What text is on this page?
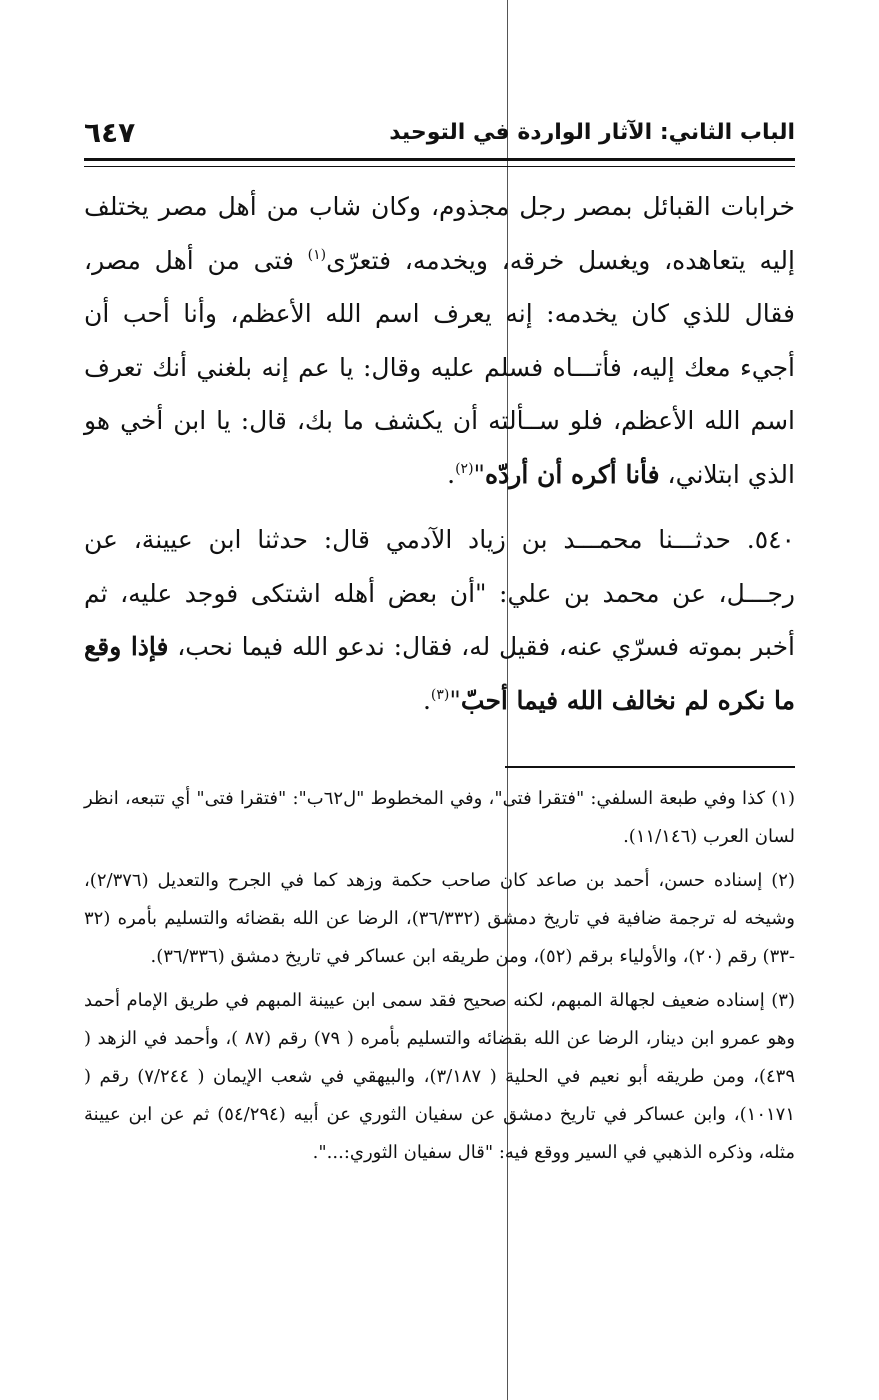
الباب الثاني: الآثار الواردة في التوحيد
٦٤٧

خرابات القبائل بمصر رجل مجذوم، وكان شاب من أهل مصر يختلف إليه يتعاهده، ويغسل خرقه، ويخدمه، فتعرّى$^{(١)}$ فتى من أهل مصر، فقال للذي كان يخدمه: إنه يعرف اسم الله الأعظم، وأنا أحب أن أجيء معك إليه، فأتـــاه فسلم عليه وقال: يا عم إنه بلغني أنك تعرف اسم الله الأعظم، فلو ســألته أن يكشف ما بك، قال: يا ابن أخي هو الذي ابتلاني، فأنا أكره أن أردّه"$^{(٢)}$.

٥٤٠. حدثـــنا محمـــد بن زياد الآدمي قال: حدثنا ابن عيينة، عن رجـــل، عن محمد بن علي: "أن بعض أهله اشتكى فوجد عليه، ثم أخبر بموته فسرّي عنه، فقيل له، فقال: ندعو الله فيما نحب، فإذا وقع ما نكره لم نخالف الله فيما أحبّ"$^{(٣)}$.

(١) كذا وفي طبعة السلفي: "فتقرا فتى"، وفي المخطوط "ل٦٢ب": "فتقرا فتى" أي تتبعه، انظر لسان العرب (١١/١٤٦).

(٢) إسناده حسن، أحمد بن صاعد كان صاحب حكمة وزهد كما في الجرح والتعديل (٢/٣٧٦)، وشيخه له ترجمة ضافية في تاريخ دمشق (٣٦/٣٣٢)، الرضا عن الله بقضائه والتسليم بأمره (٣٢ -٣٣) رقم (٢٠)، والأولياء برقم (٥٢)، ومن طريقه ابن عساكر في تاريخ دمشق (٣٦/٣٣٦).

(٣) إسناده ضعيف لجهالة المبهم، لكنه صحيح فقد سمى ابن عيينة المبهم في طريق الإمام أحمد وهو عمرو ابن دينار، الرضا عن الله بقضائه والتسليم بأمره ( ٧٩) رقم (٨٧ )، وأحمد في الزهد ( ٤٣٩)، ومن طريقه أبو نعيم في الحلية ( ٣/١٨٧)، والبيهقي في شعب الإيمان ( ٧/٢٤٤) رقم ( ١٠١٧١)، وابن عساكر في تاريخ دمشق عن سفيان الثوري عن أبيه (٥٤/٢٩٤) ثم عن ابن عيينة مثله، وذكره الذهبي في السير ووقع فيه: "قال سفيان الثوري:...".
